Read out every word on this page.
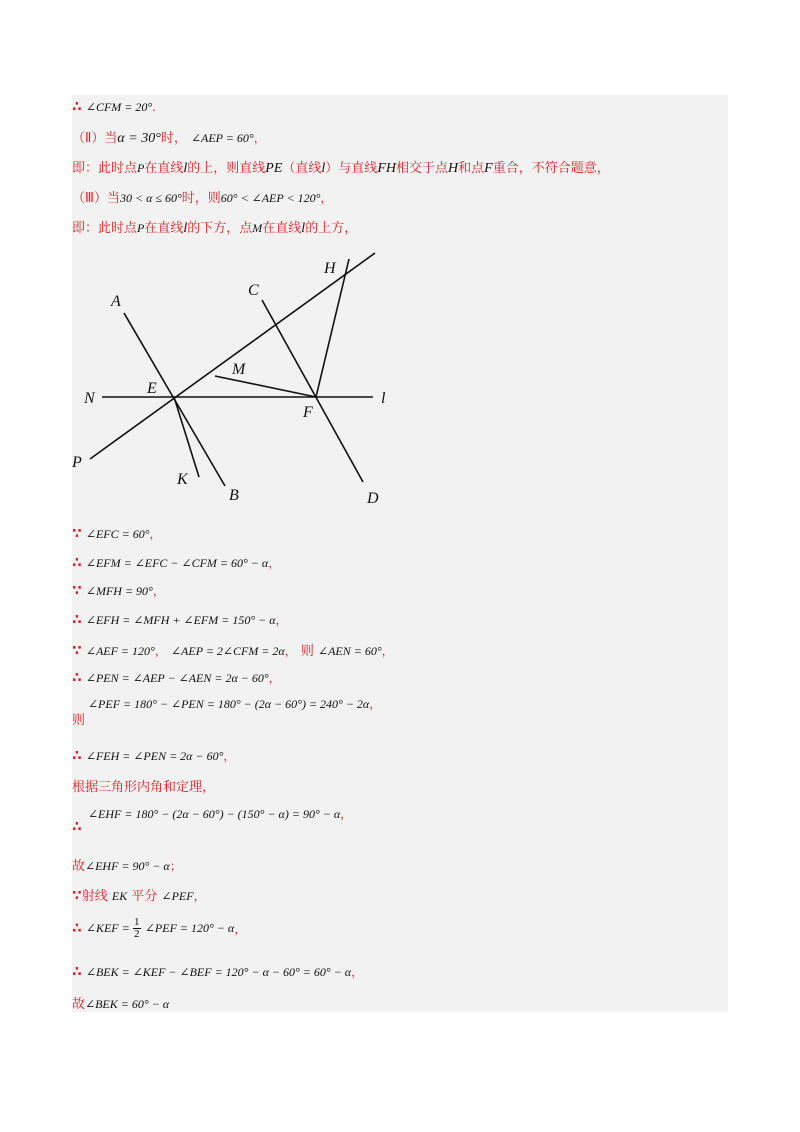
∴ ∠CFM = 20°.
（Ⅱ）当α = 30°时， ∠AEP = 60°，
即：此时点P在直线l的上，则直线PE（直线l）与直线FH相交于点H和点F重合，不符合题意，
（Ⅲ）当30 < α ≤ 60°时，则60° < ∠AEP < 120°，
即：此时点P在直线l的下方，点M在直线l的上方，
A
B
C
D
E
F
H
K
M
N
P
l
∵ ∠EFC = 60°，
∴ ∠EFM = ∠EFC − ∠CFM = 60° − α，
∵ ∠MFH = 90°，
∴ ∠EFH = ∠MFH + ∠EFM = 150° − α，
∵ ∠AEF = 120°， ∠AEP = 2∠CFM = 2α， 则 ∠AEN = 60°，
∴ ∠PEN = ∠AEP − ∠AEN = 2α − 60°，
∠PEF = 180° − ∠PEN = 180° − (2α − 60°) = 240° − 2α，
则
∴ ∠FEH = ∠PEN = 2α − 60°，
根据三角形内角和定理，
∠EHF = 180° − (2α − 60°) − (150° − α) = 90° − α，
∴
故∠EHF = 90° − α；
∵射线 EK 平分 ∠PEF，
∴ ∠KEF = $\frac{1}{2}$ ∠PEF = 120° − α，
∴ ∠BEK = ∠KEF − ∠BEF = 120° − α − 60° = 60° − α，
故∠BEK = 60° − α
